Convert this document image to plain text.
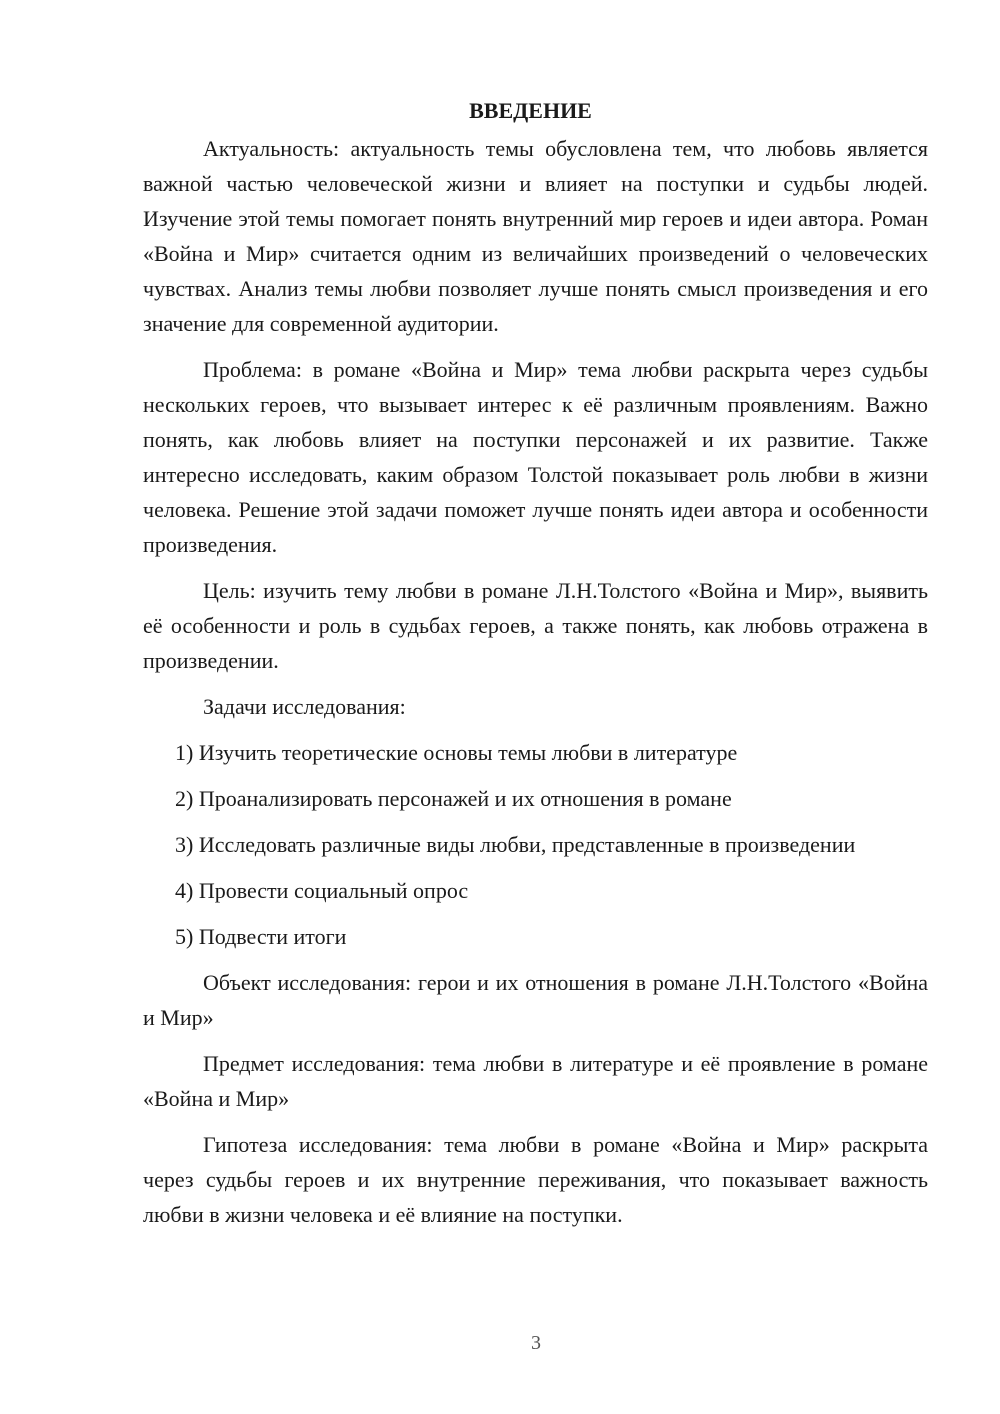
ВВЕДЕНИЕ

Актуальность: актуальность темы обусловлена тем, что любовь является важной частью человеческой жизни и влияет на поступки и судьбы людей. Изучение этой темы помогает понять внутренний мир героев и идеи автора. Роман «Война и Мир» считается одним из величайших произведений о человеческих чувствах. Анализ темы любви позволяет лучше понять смысл произведения и его значение для современной аудитории.

Проблема: в романе «Война и Мир» тема любви раскрыта через судьбы нескольких героев, что вызывает интерес к её различным проявлениям. Важно понять, как любовь влияет на поступки персонажей и их развитие. Также интересно исследовать, каким образом Толстой показывает роль любви в жизни человека. Решение этой задачи поможет лучше понять идеи автора и особенности произведения.

Цель: изучить тему любви в романе Л.Н.Толстого «Война и Мир», выявить её особенности и роль в судьбах героев, а также понять, как любовь отражена в произведении.

Задачи исследования:

1) Изучить теоретические основы темы любви в литературе

2) Проанализировать персонажей и их отношения в романе

3) Исследовать различные виды любви, представленные в произведении

4) Провести социальный опрос

5) Подвести итоги

Объект исследования: герои и их отношения в романе Л.Н.Толстого «Война и Мир»

Предмет исследования: тема любви в литературе и её проявление в романе «Война и Мир»

Гипотеза исследования: тема любви в романе «Война и Мир» раскрыта через судьбы героев и их внутренние переживания, что показывает важность любви в жизни человека и её влияние на поступки.

3
